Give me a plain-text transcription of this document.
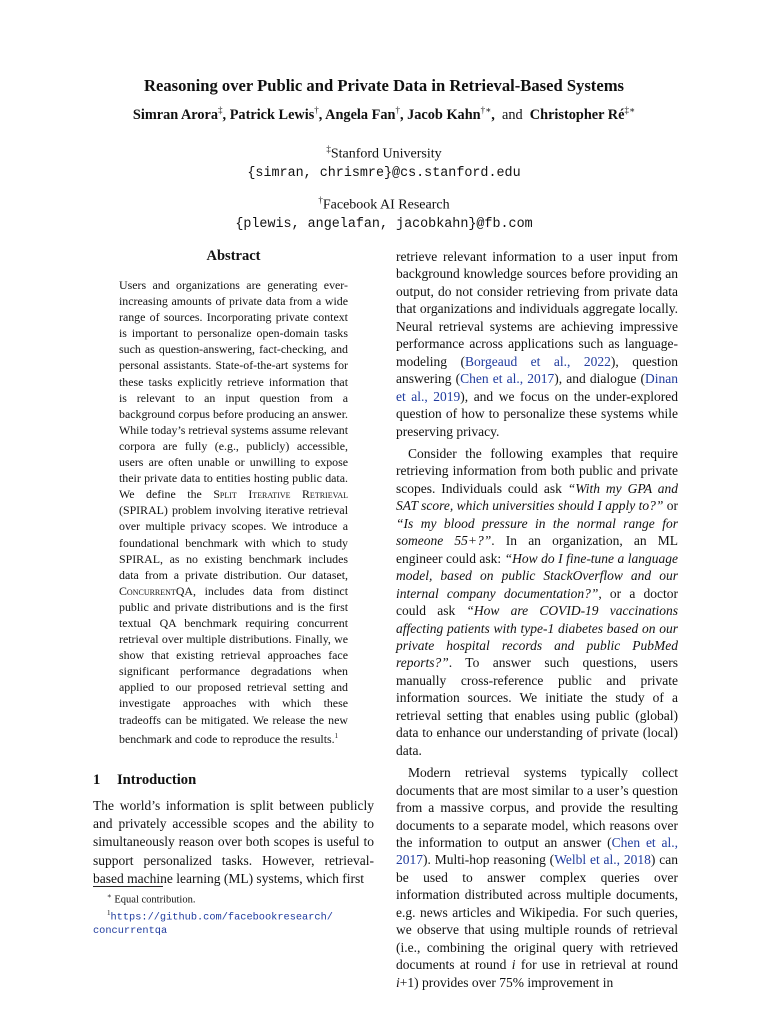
Reasoning over Public and Private Data in Retrieval-Based Systems
Simran Arora‡, Patrick Lewis†, Angela Fan†, Jacob Kahn†∗,  and Christopher Ré‡∗
‡Stanford University
{simran, chrismre}@cs.stanford.edu
†Facebook AI Research
{plewis, angelafan, jacobkahn}@fb.com
Abstract
Users and organizations are generating ever-increasing amounts of private data from a wide range of sources. Incorporating private context is important to personalize open-domain tasks such as question-answering, fact-checking, and personal assistants. State-of-the-art systems for these tasks explicitly retrieve information that is relevant to an input question from a background corpus before producing an answer. While today’s retrieval systems assume relevant corpora are fully (e.g., publicly) accessible, users are often unable or unwilling to expose their private data to entities hosting public data. We define the Split Iterative Retrieval (SPIRAL) problem involving iterative retrieval over multiple privacy scopes. We introduce a foundational benchmark with which to study SPIRAL, as no existing benchmark includes data from a private distribution. Our dataset, ConcurrentQA, includes data from distinct public and private distributions and is the first textual QA benchmark requiring concurrent retrieval over multiple distributions. Finally, we show that existing retrieval approaches face significant performance degradations when applied to our proposed retrieval setting and investigate approaches with which these tradeoffs can be mitigated. We release the new benchmark and code to reproduce the results.$^1$
1 Introduction
The world’s information is split between publicly and privately accessible scopes and the ability to simultaneously reason over both scopes is useful to support personalized tasks. However, retrieval-based machine learning (ML) systems, which first
∗ Equal contribution.
$^1$https://github.com/facebookresearch/
concurrentqa

retrieve relevant information to a user input from background knowledge sources before providing an output, do not consider retrieving from private data that organizations and individuals aggregate locally. Neural retrieval systems are achieving impressive performance across applications such as language-modeling (Borgeaud et al., 2022), question answering (Chen et al., 2017), and dialogue (Dinan et al., 2019), and we focus on the under-explored question of how to personalize these systems while preserving privacy.

Consider the following examples that require retrieving information from both public and private scopes. Individuals could ask “With my GPA and SAT score, which universities should I apply to?” or “Is my blood pressure in the normal range for someone 55+?”. In an organization, an ML engineer could ask: “How do I fine-tune a language model, based on public StackOverflow and our internal company documentation?”, or a doctor could ask “How are COVID-19 vaccinations affecting patients with type-1 diabetes based on our private hospital records and public PubMed reports?”. To answer such questions, users manually cross-reference public and private information sources. We initiate the study of a retrieval setting that enables using public (global) data to enhance our understanding of private (local) data.

Modern retrieval systems typically collect documents that are most similar to a user’s question from a massive corpus, and provide the resulting documents to a separate model, which reasons over the information to output an answer (Chen et al., 2017). Multi-hop reasoning (Welbl et al., 2018) can be used to answer complex queries over information distributed across multiple documents, e.g. news articles and Wikipedia. For such queries, we observe that using multiple rounds of retrieval (i.e., combining the original query with retrieved documents at round i for use in retrieval at round i+1) provides over 75% improvement in
